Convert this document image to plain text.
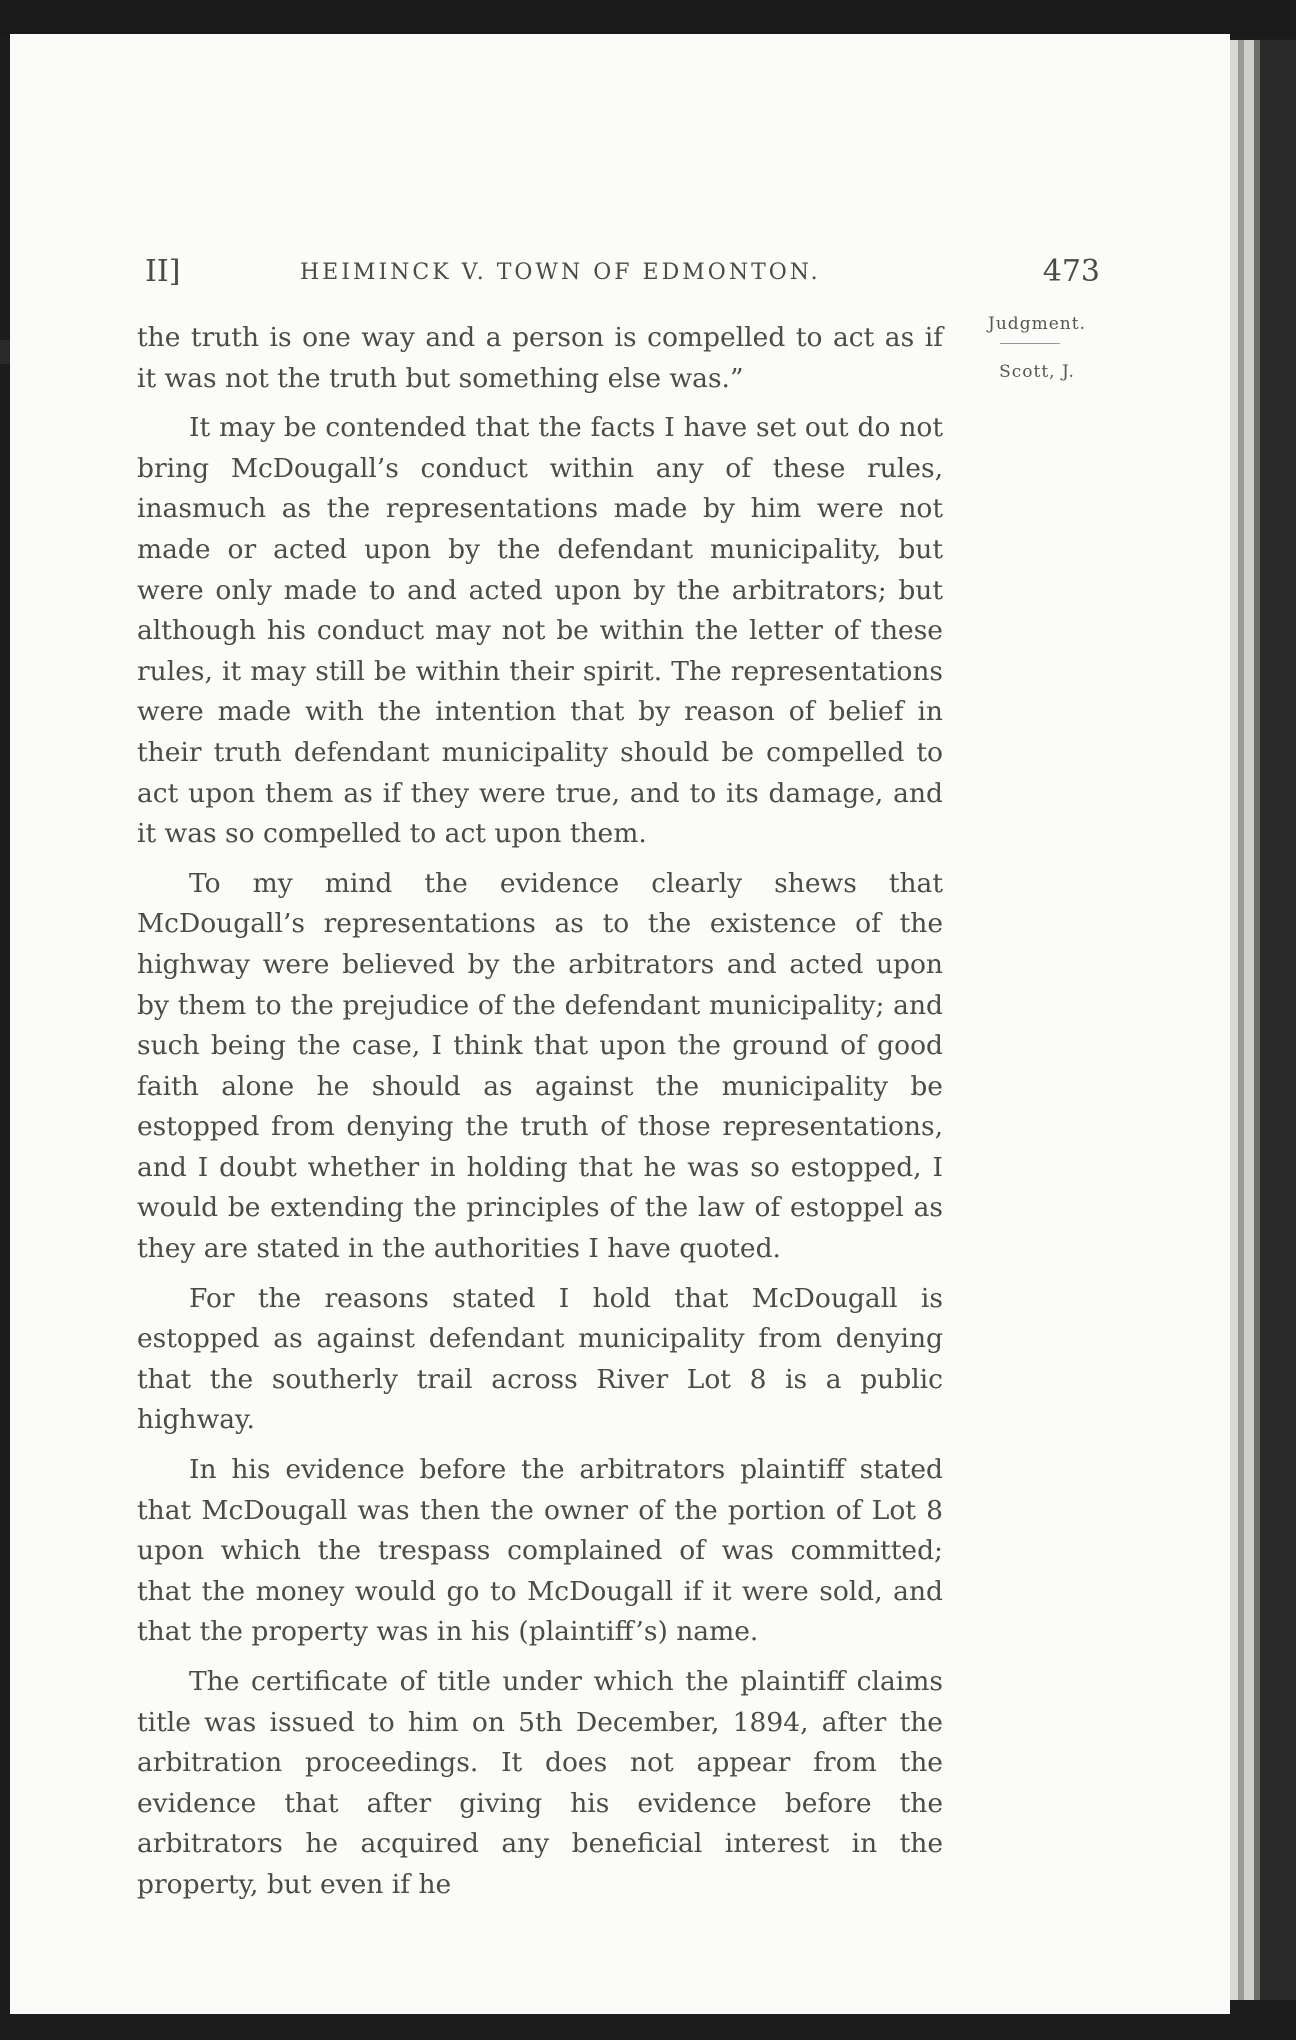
II]	HEIMINCK V. TOWN OF EDMONTON.	473
Judgment.
Scott, J.

the truth is one way and a person is compelled to act as if it was not the truth but something else was.”

It may be contended that the facts I have set out do not bring McDougall’s conduct within any of these rules, inasmuch as the representations made by him were not made or acted upon by the defendant municipality, but were only made to and acted upon by the arbitrators; but although his conduct may not be within the letter of these rules, it may still be within their spirit. The representations were made with the intention that by reason of belief in their truth defendant municipality should be compelled to act upon them as if they were true, and to its damage, and it was so compelled to act upon them.

To my mind the evidence clearly shews that McDougall’s representations as to the existence of the highway were believed by the arbitrators and acted upon by them to the prejudice of the defendant municipality; and such being the case, I think that upon the ground of good faith alone he should as against the municipality be estopped from denying the truth of those representations, and I doubt whether in holding that he was so estopped, I would be extending the principles of the law of estoppel as they are stated in the authorities I have quoted.

For the reasons stated I hold that McDougall is estopped as against defendant municipality from denying that the southerly trail across River Lot 8 is a public highway.

In his evidence before the arbitrators plaintiff stated that McDougall was then the owner of the portion of Lot 8 upon which the trespass complained of was committed; that the money would go to McDougall if it were sold, and that the property was in his (plaintiff’s) name.

The certificate of title under which the plaintiff claims title was issued to him on 5th December, 1894, after the arbitration proceedings. It does not appear from the evidence that after giving his evidence before the arbitrators he acquired any beneficial interest in the property, but even if he
